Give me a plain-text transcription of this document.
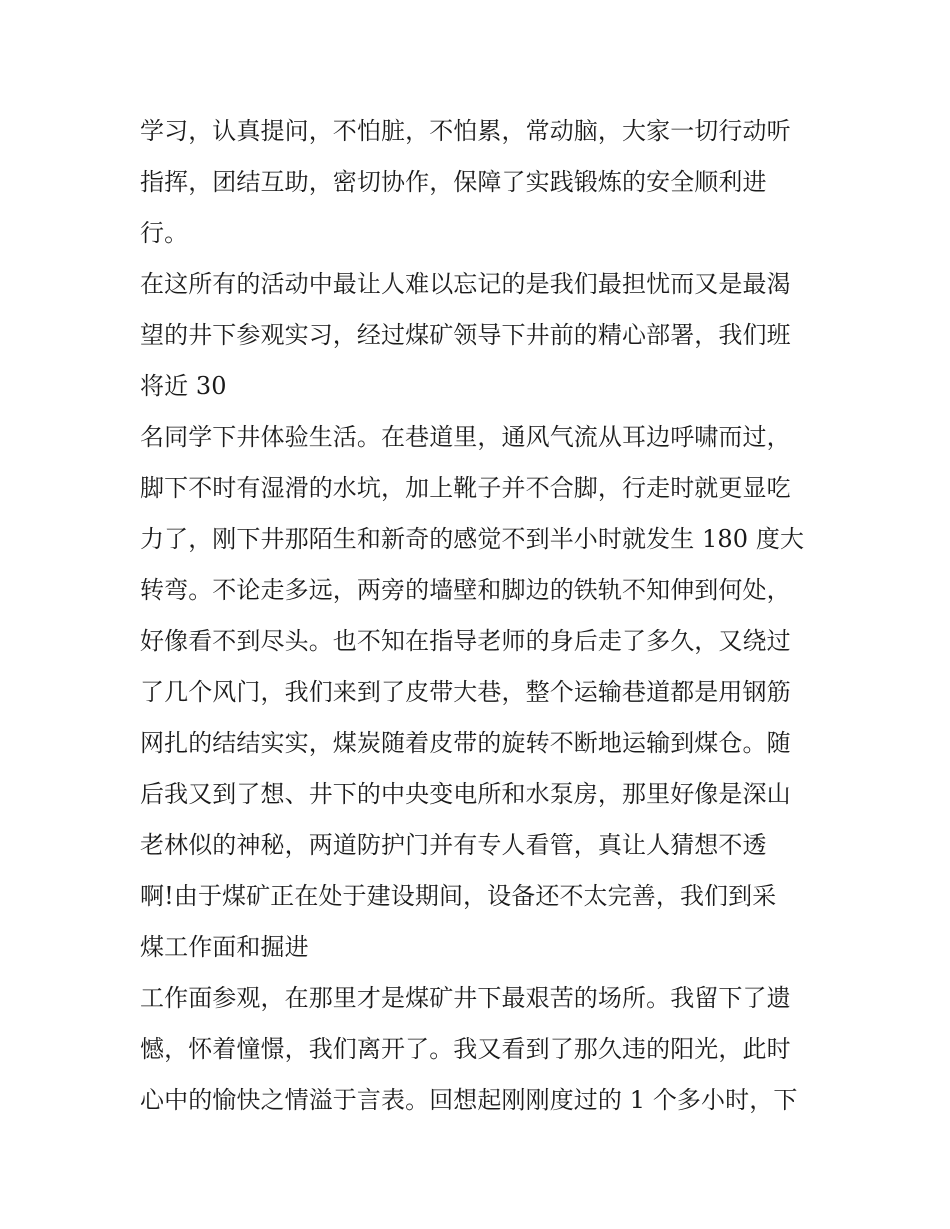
学习，认真提问，不怕脏，不怕累，常动脑，大家一切行动听
指挥，团结互助，密切协作，保障了实践锻炼的安全顺利进
行。
在这所有的活动中最让人难以忘记的是我们最担忧而又是最渴
望的井下参观实习，经过煤矿领导下井前的精心部署，我们班
将近 30
名同学下井体验生活。在巷道里，通风气流从耳边呼啸而过，
脚下不时有湿滑的水坑，加上靴子并不合脚，行走时就更显吃
力了，刚下井那陌生和新奇的感觉不到半小时就发生 180 度大
转弯。不论走多远，两旁的墙壁和脚边的铁轨不知伸到何处，
好像看不到尽头。也不知在指导老师的身后走了多久，又绕过
了几个风门，我们来到了皮带大巷，整个运输巷道都是用钢筋
网扎的结结实实，煤炭随着皮带的旋转不断地运输到煤仓。随
后我又到了想、井下的中央变电所和水泵房，那里好像是深山
老林似的神秘，两道防护门并有专人看管，真让人猜想不透
啊!由于煤矿正在处于建设期间，设备还不太完善，我们到采
煤工作面和掘进
工作面参观，在那里才是煤矿井下最艰苦的场所。我留下了遗
憾，怀着憧憬，我们离开了。我又看到了那久违的阳光，此时
心中的愉快之情溢于言表。回想起刚刚度过的 1 个多小时，下
